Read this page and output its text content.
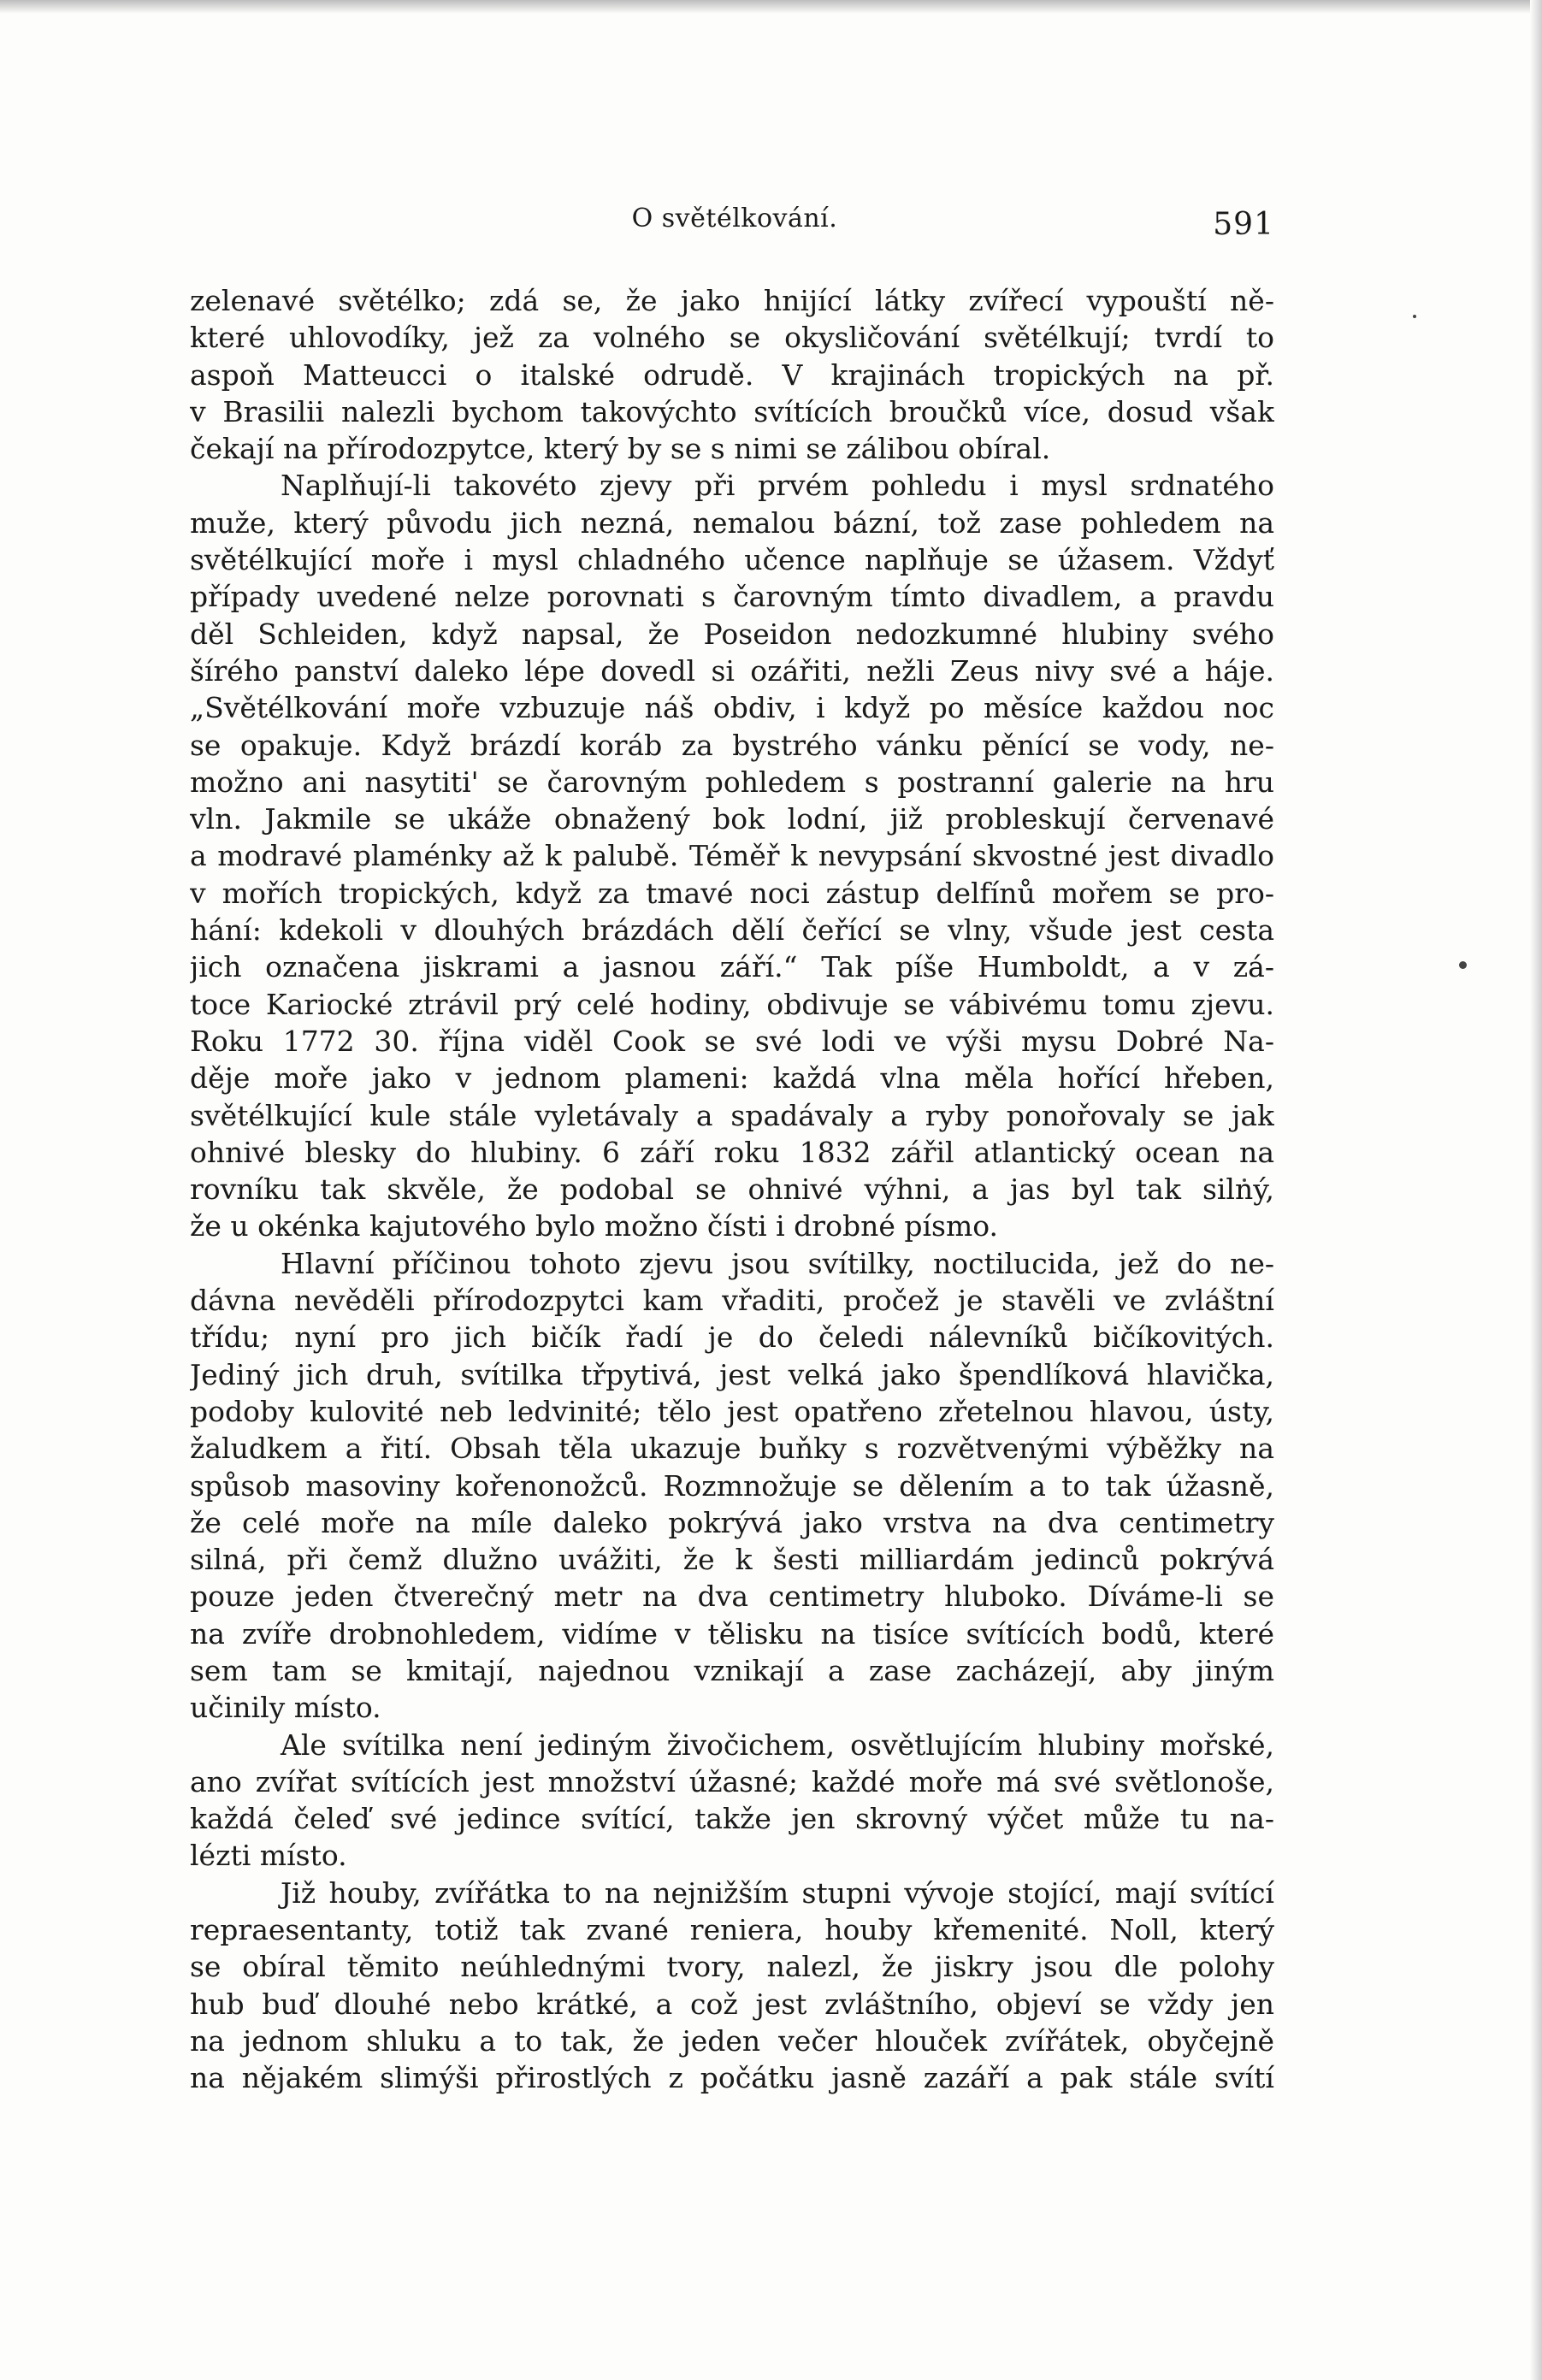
O světélkování.	591
zelenavé světélko; zdá se, že jako hnijící látky zvířecí vypouští ně-
které uhlovodíky, jež za volného se okysličování světélkují; tvrdí to
aspoň Matteucci o italské odrudě. V krajinách tropických na př.
v Brasilii nalezli bychom takovýchto svítících broučků více, dosud však
čekají na přírodozpytce, který by se s nimi se zálibou obíral.
Naplňují-li takovéto zjevy při prvém pohledu i mysl srdnatého
muže, který původu jich nezná, nemalou bázní, tož zase pohledem na
světélkující moře i mysl chladného učence naplňuje se úžasem. Vždyť
případy uvedené nelze porovnati s čarovným tímto divadlem, a pravdu
děl Schleiden, když napsal, že Poseidon nedozkumné hlubiny svého
šírého panství daleko lépe dovedl si ozářiti, nežli Zeus nivy své a háje.
„Světélkování moře vzbuzuje náš obdiv, i když po měsíce každou noc
se opakuje. Když brázdí koráb za bystrého vánku pěnící se vody, ne-
možno ani nasytiti' se čarovným pohledem s postranní galerie na hru
vln. Jakmile se ukáže obnažený bok lodní, již probleskují červenavé
a modravé plaménky až k palubě. Téměř k nevypsání skvostné jest divadlo
v mořích tropických, když za tmavé noci zástup delfínů mořem se pro-
hání: kdekoli v dlouhých brázdách dělí čeřící se vlny, všude jest cesta
jich označena jiskrami a jasnou září.“ Tak píše Humboldt, a v zá-
toce Kariocké ztrávil prý celé hodiny, obdivuje se vábivému tomu zjevu.
Roku 1772 30. října viděl Cook se své lodi ve výši mysu Dobré Na-
děje moře jako v jednom plameni: každá vlna měla hořící hřeben,
světélkující kule stále vyletávaly a spadávaly a ryby ponořovaly se jak
ohnivé blesky do hlubiny. 6 září roku 1832 zářil atlantický ocean na
rovníku tak skvěle, že podobal se ohnivé výhni, a jas byl tak silný,
že u okénka kajutového bylo možno čísti i drobné písmo.
Hlavní příčinou tohoto zjevu jsou svítilky, noctilucida, jež do ne-
dávna nevěděli přírodozpytci kam vřaditi, pročež je stavěli ve zvláštní
třídu; nyní pro jich bičík řadí je do čeledi nálevníků bičíkovitých.
Jediný jich druh, svítilka třpytivá, jest velká jako špendlíková hlavička,
podoby kulovité neb ledvinité; tělo jest opatřeno zřetelnou hlavou, ústy,
žaludkem a řití. Obsah těla ukazuje buňky s rozvětvenými výběžky na
spůsob masoviny kořenonožců. Rozmnožuje se dělením a to tak úžasně,
že celé moře na míle daleko pokrývá jako vrstva na dva centimetry
silná, při čemž dlužno uvážiti, že k šesti milliardám jedinců pokrývá
pouze jeden čtverečný metr na dva centimetry hluboko. Díváme-li se
na zvíře drobnohledem, vidíme v tělisku na tisíce svítících bodů, které
sem tam se kmitají, najednou vznikají a zase zacházejí, aby jiným
učinily místo.
Ale svítilka není jediným živočichem, osvětlujícím hlubiny mořské,
ano zvířat svítících jest množství úžasné; každé moře má své světlonoše,
každá čeleď své jedince svítící, takže jen skrovný výčet může tu na-
lézti místo.
Již houby, zvířátka to na nejnižším stupni vývoje stojící, mají svítící
repraesentanty, totiž tak zvané reniera, houby křemenité. Noll, který
se obíral těmito neúhlednými tvory, nalezl, že jiskry jsou dle polohy
hub buď dlouhé nebo krátké, a což jest zvláštního, objeví se vždy jen
na jednom shluku a to tak, že jeden večer hlouček zvířátek, obyčejně
na nějakém slimýši přirostlých z počátku jasně zazáří a pak stále svítí
